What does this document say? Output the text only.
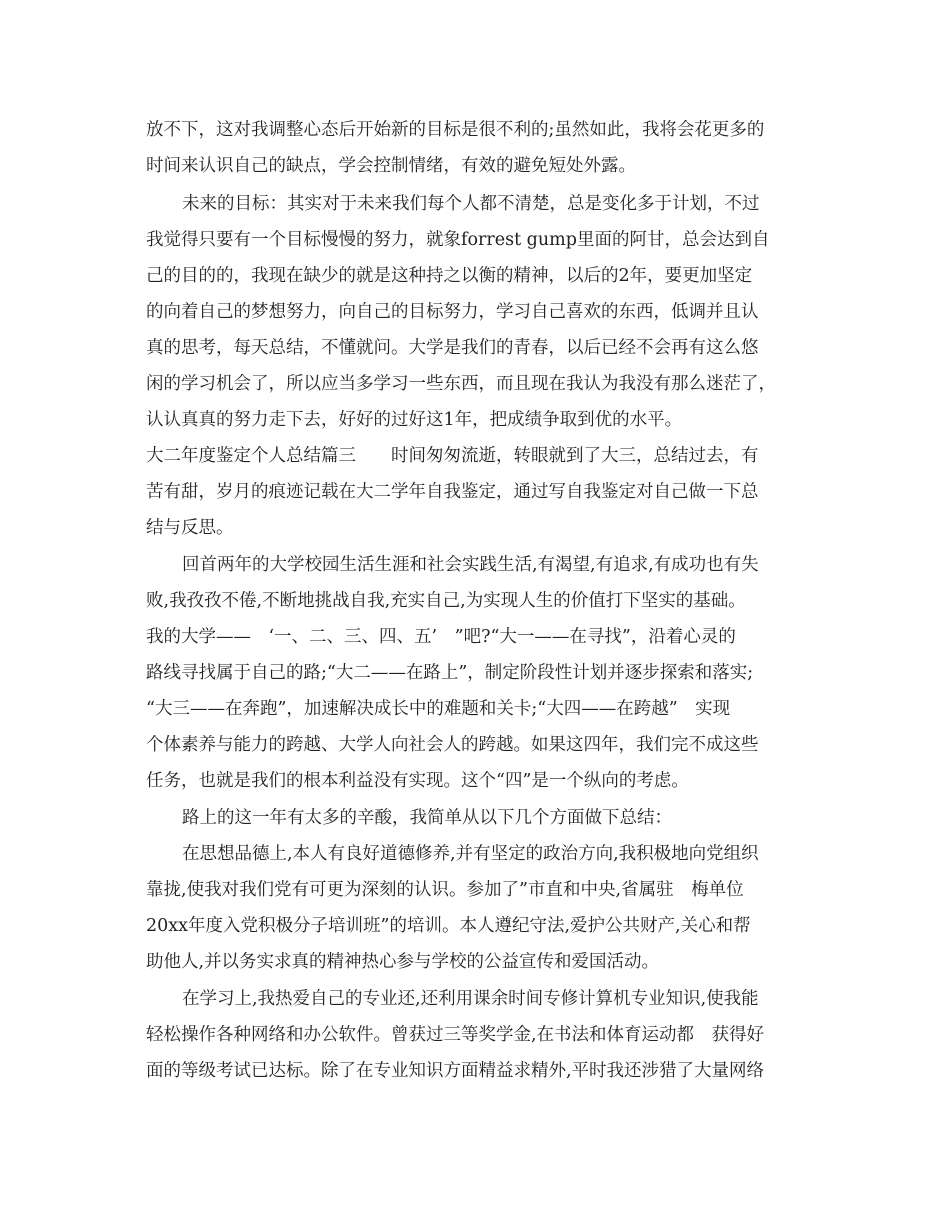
放不下，这对我调整心态后开始新的目标是很不利的;虽然如此，我将会花更多的
时间来认识自己的缺点，学会控制情绪，有效的避免短处外露。
未来的目标：其实对于未来我们每个人都不清楚，总是变化多于计划，不过
我觉得只要有一个目标慢慢的努力，就象forrest gump里面的阿甘，总会达到自
己的目的的，我现在缺少的就是这种持之以衡的精神，以后的2年，要更加坚定
的向着自己的梦想努力，向自己的目标努力，学习自己喜欢的东西，低调并且认
真的思考，每天总结，不懂就问。大学是我们的青春，以后已经不会再有这么悠
闲的学习机会了，所以应当多学习一些东西，而且现在我认为我没有那么迷茫了，
认认真真的努力走下去，好好的过好这1年，把成绩争取到优的水平。
大二年度鉴定个人总结篇三　　时间匆匆流逝，转眼就到了大三，总结过去，有
苦有甜，岁月的痕迹记载在大二学年自我鉴定，通过写自我鉴定对自己做一下总
结与反思。
回首两年的大学校园生活生涯和社会实践生活,有渴望,有追求,有成功也有失
败,我孜孜不倦,不断地挑战自我,充实自己,为实现人生的价值打下坚实的基础。
我的大学——　‘一、二、三、四、五’　”吧?“大一——在寻找”，沿着心灵的
路线寻找属于自己的路;“大二——在路上”，制定阶段性计划并逐步探索和落实;
“大三——在奔跑”，加速解决成长中的难题和关卡;“大四——在跨越”　实现
个体素养与能力的跨越、大学人向社会人的跨越。如果这四年，我们完不成这些
任务，也就是我们的根本利益没有实现。这个“四”是一个纵向的考虑。
路上的这一年有太多的辛酸，我简单从以下几个方面做下总结：
在思想品德上,本人有良好道德修养,并有坚定的政治方向,我积极地向党组织
靠拢,使我对我们党有可更为深刻的认识。参加了”市直和中央,省属驻　梅单位
20xx年度入党积极分子培训班”的培训。本人遵纪守法,爱护公共财产,关心和帮
助他人,并以务实求真的精神热心参与学校的公益宣传和爱国活动。
在学习上,我热爱自己的专业还,还利用课余时间专修计算机专业知识,使我能
轻松操作各种网络和办公软件。曾获过三等奖学金,在书法和体育运动都　获得好
面的等级考试已达标。除了在专业知识方面精益求精外,平时我还涉猎了大量网络
